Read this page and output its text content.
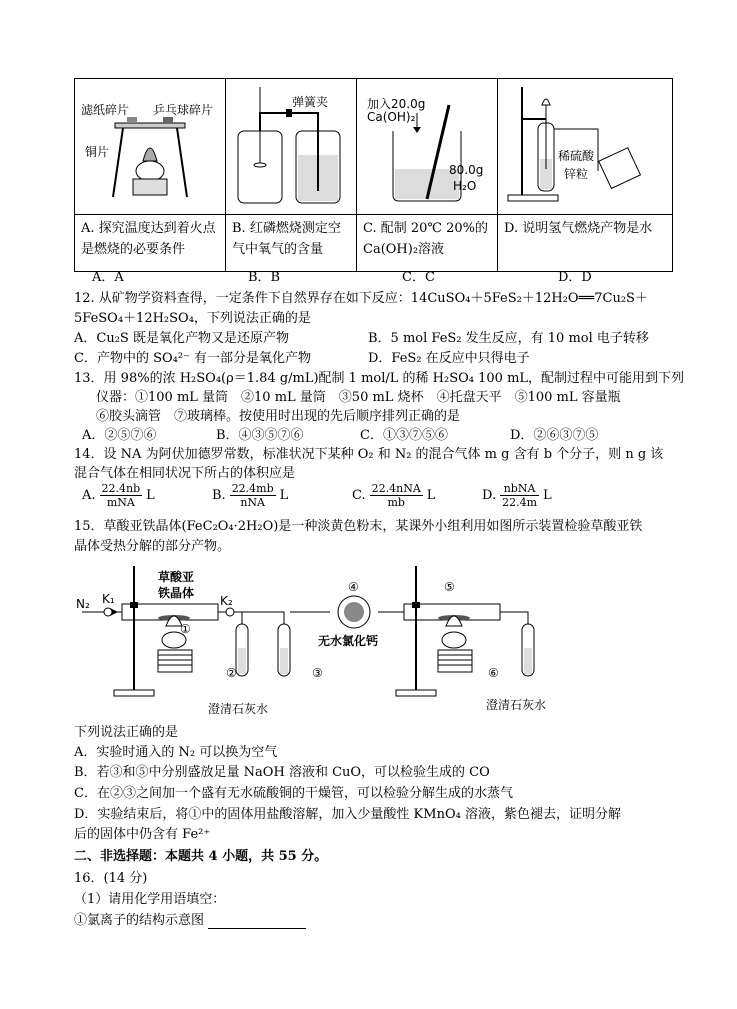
滤纸碎片 乒乓球碎片
铜片	弹簧夹	加入20.0g
Ca(OH)₂
80.0g
H₂O	稀硫酸
锌粒

A. 探究温度达到着火点是燃烧的必要条件	B. 红磷燃烧测定空气中氧气的含量	C. 配制 20℃ 20%的Ca(OH)₂溶液	D. 说明氢气燃烧产物是水
A．A	B．B	C．C	D．D
12. 从矿物学资料查得，一定条件下自然界存在如下反应：14CuSO₄＋5FeS₂＋12H₂O══7Cu₂S＋
5FeSO₄＋12H₂SO₄，下列说法正确的是
A．Cu₂S 既是氧化产物又是还原产物	B．5 mol FeS₂ 发生反应，有 10 mol 电子转移
C．产物中的 SO₄²⁻ 有一部分是氧化产物	D．FeS₂ 在反应中只得电子
13．用 98%的浓 H₂SO₄(ρ＝1.84 g/mL)配制 1 mol/L 的稀 H₂SO₄ 100 mL，配制过程中可能用到下列
仪器：①100 mL 量筒　②10 mL 量筒　③50 mL 烧杯　④托盘天平　⑤100 mL 容量瓶
⑥胶头滴管　⑦玻璃棒。按使用时出现的先后顺序排列正确的是
A．②⑤⑦⑥	B．④③⑤⑦⑥	C．①③⑦⑤⑥	D．②⑥③⑦⑤
14．设 NA 为阿伏加德罗常数，标准状况下某种 O₂ 和 N₂ 的混合气体 m g 含有 b 个分子，则 n g 该
混合气体在相同状况下所占的体积应是
A. $\frac{22.4nb}{\text{mNA}}$ L	B. $\frac{22.4mb}{\text{nNA}}$ L	C. $\frac{\text{22.4nNA}}{mb}$ L	D. $\frac{\text{nbNA}}{22.4m}$ L
15．草酸亚铁晶体(FeC₂O₄·2H₂O)是一种淡黄色粉末，某课外小组利用如图所示装置检验草酸亚铁
晶体受热分解的部分产物。
N₂ K₁
草酸亚
铁晶体
K₂
①
②	③
④	⑤
⑥
无水氯化钙
澄清石灰水	澄清石灰水
下列说法正确的是
A．实验时通入的 N₂ 可以换为空气
B．若③和⑤中分别盛放足量 NaOH 溶液和 CuO，可以检验生成的 CO
C．在②③之间加一个盛有无水硫酸铜的干燥管，可以检验分解生成的水蒸气
D．实验结束后，将①中的固体用盐酸溶解，加入少量酸性 KMnO₄ 溶液，紫色褪去，证明分解
后的固体中仍含有 Fe²⁺
二、非选择题：本题共 4 小题，共 55 分。
16．(14 分)
（1）请用化学用语填空：
①氯离子的结构示意图
